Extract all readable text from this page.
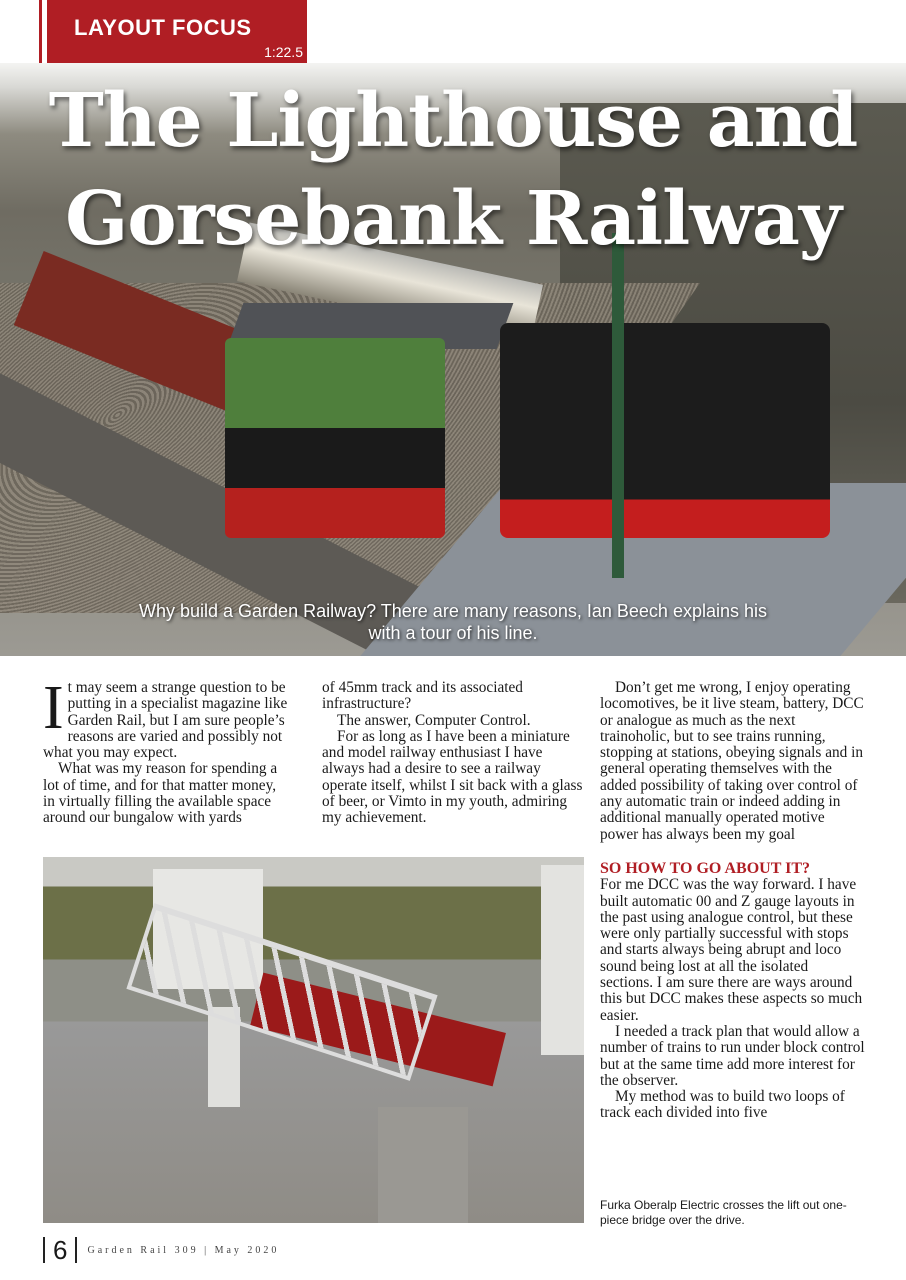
LAYOUT FOCUS
1:22.5
The Lighthouse and
Gorsebank Railway
Why build a Garden Railway? There are many reasons, Ian Beech explains his
with a tour of his line.
I t may seem a strange question to be putting in a specialist magazine like Garden Rail, but I am sure people’s reasons are varied and possibly not what you may expect.

What was my reason for spending a lot of time, and for that matter money, in virtually filling the available space around our bungalow with yards

of 45mm track and its associated infrastructure?

The answer, Computer Control.

For as long as I have been a miniature and model railway enthusiast I have always had a desire to see a railway operate itself, whilst I sit back with a glass of beer, or Vimto in my youth, admiring my achievement.

Don’t get me wrong, I enjoy operating locomotives, be it live steam, battery, DCC or analogue as much as the next trainoholic, but to see trains running, stopping at stations, obeying signals and in general operating themselves with the added possibility of taking over control of any automatic train or indeed adding in additional manually operated motive power has always been my goal

SO HOW TO GO ABOUT IT?

For me DCC was the way forward. I have built automatic 00 and Z gauge layouts in the past using analogue control, but these were only partially successful with stops and starts always being abrupt and loco sound being lost at all the isolated sections. I am sure there are ways around this but DCC makes these aspects so much easier.

I needed a track plan that would allow a number of trains to run under block control but at the same time add more interest for the observer.

My method was to build two loops of track each divided into five

Furka Oberalp Electric crosses the lift out one-piece bridge over the drive.
6 Garden Rail 309 | May 2020
